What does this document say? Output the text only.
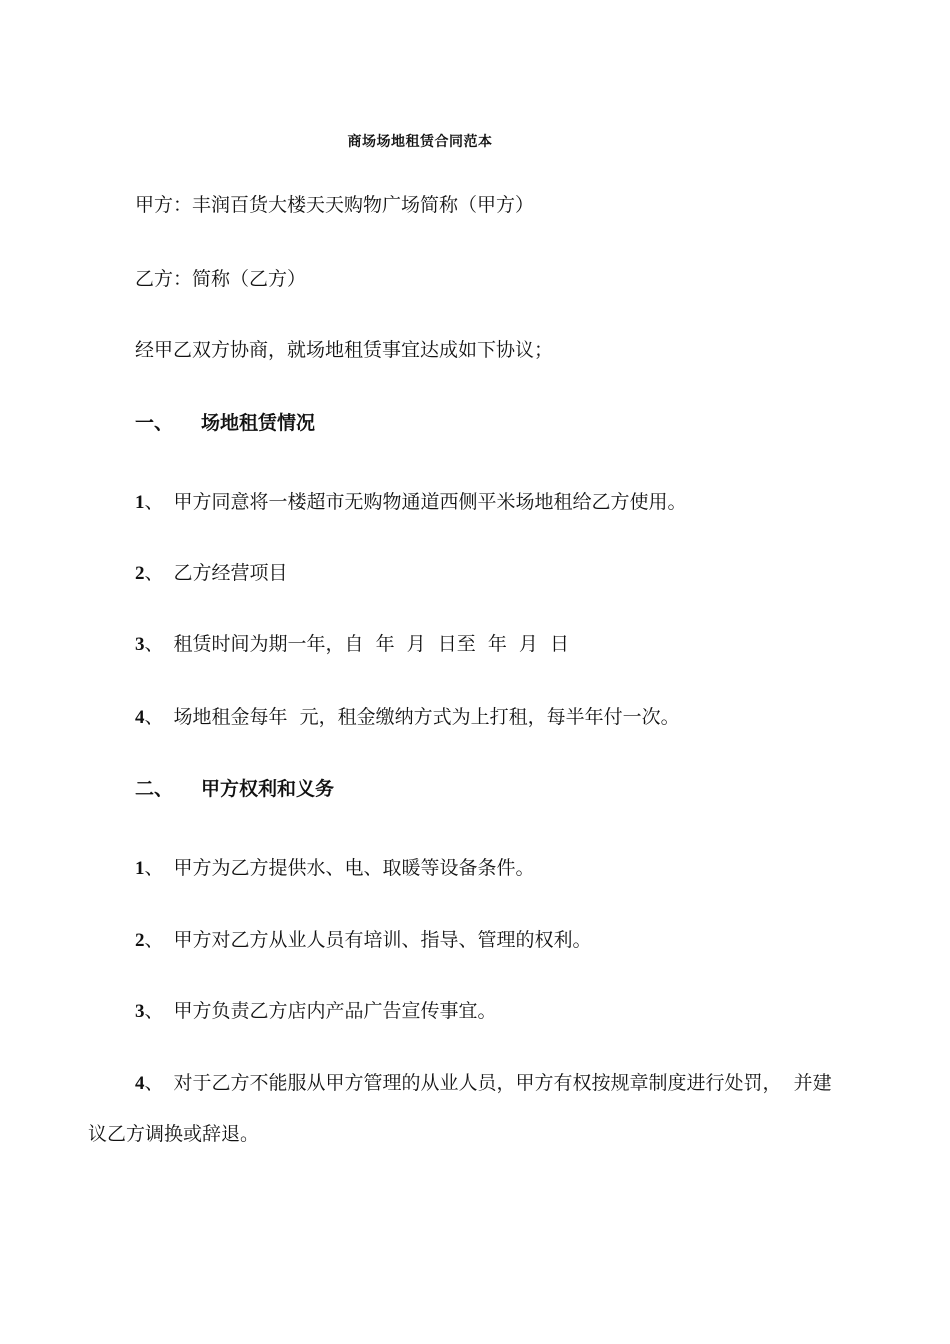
商场场地租赁合同范本
甲方：丰润百货大楼天天购物广场简称（甲方）
乙方：简称（乙方）
经甲乙双方协商，就场地租赁事宜达成如下协议；
一、 场地租赁情况
1、 甲方同意将一楼超市无购物通道西侧平米场地租给乙方使用。
2、 乙方经营项目
3、 租赁时间为期一年，自  年  月  日至  年  月  日
4、 场地租金每年  元，租金缴纳方式为上打租，每半年付一次。
二、 甲方权利和义务
1、 甲方为乙方提供水、电、取暖等设备条件。
2、 甲方对乙方从业人员有培训、指导、管理的权利。
3、 甲方负责乙方店内产品广告宣传事宜。
4、 对于乙方不能服从甲方管理的从业人员，甲方有权按规章制度进行处罚，  并建
议乙方调换或辞退。
